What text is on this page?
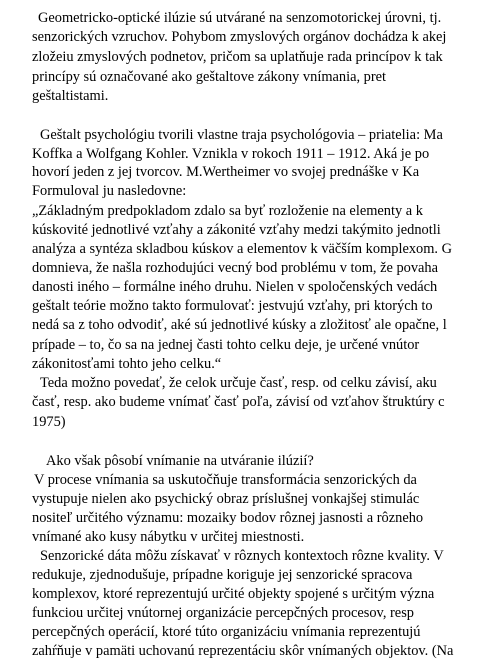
Geometricko-optické ilúzie sú utvárané na senzomotorickej úrovni, tj.
senzorických vzruchov. Pohybom zmyslových orgánov dochádza k akej
zložeiu zmyslových podnetov, pričom sa uplatňuje rada princípov k tak
princípy sú označované ako geštaltove zákony vnímania, pret
geštaltistami.
Geštalt psychológiu tvorili vlastne traja psychológovia – priatelia: Ma
Koffka a Wolfgang Kohler. Vznikla v rokoch 1911 – 1912. Aká je po
hovorí jeden z jej tvorcov. M.Wertheimer vo svojej prednáške v Ka
Formuloval ju nasledovne:
„Základným predpokladom zdalo sa byť rozloženie na elementy a k
kúskovité jednotlivé vzťahy a zákonité vzťahy medzi takýmito jednotli
analýza a syntéza skladbou kúskov a elementov k väčším komplexom. G
domnieva, že našla rozhodujúci vecný bod problému v tom, že povaha
danosti iného – formálne iného druhu. Nielen v spoločenských vedách
geštalt teórie možno takto formulovať: jestvujú vzťahy, pri ktorých to
nedá sa z toho odvodiť, aké sú jednotlivé kúsky a zložitosť ale opačne, l
prípade – to, čo sa na jednej časti tohto celku deje, je určené vnútor
zákonitosťami tohto jeho celku.“
Teda možno povedať, že celok určuje časť, resp. od celku závisí, aku
časť, resp. ako budeme vnímať časť poľa, závisí od vzťahov štruktúry c
1975)
Ako však pôsobí vnímanie na utváranie ilúzií?
V procese vnímania sa uskutočňuje transformácia senzorických da
vystupuje nielen ako psychický obraz príslušnej vonkajšej stimulác
nositeľ určitého významu: mozaiky bodov rôznej jasnosti a rôzneho
vnímané ako kusy nábytku v určitej miestnosti.
Senzorické dáta môžu získavať v rôznych kontextoch rôzne kvality. V
redukuje, zjednodušuje, prípadne koriguje jej senzorické spracova
komplexov, ktoré reprezentujú určité objekty spojené s určitým význa
funkciou určitej vnútornej organizácie percepčných procesov, resp
percepčných operácií, ktoré túto organizáciu vnímania reprezentujú
zahŕňuje v pamäti uchovanú reprezentáciu skôr vnímaných objektov. (Na
